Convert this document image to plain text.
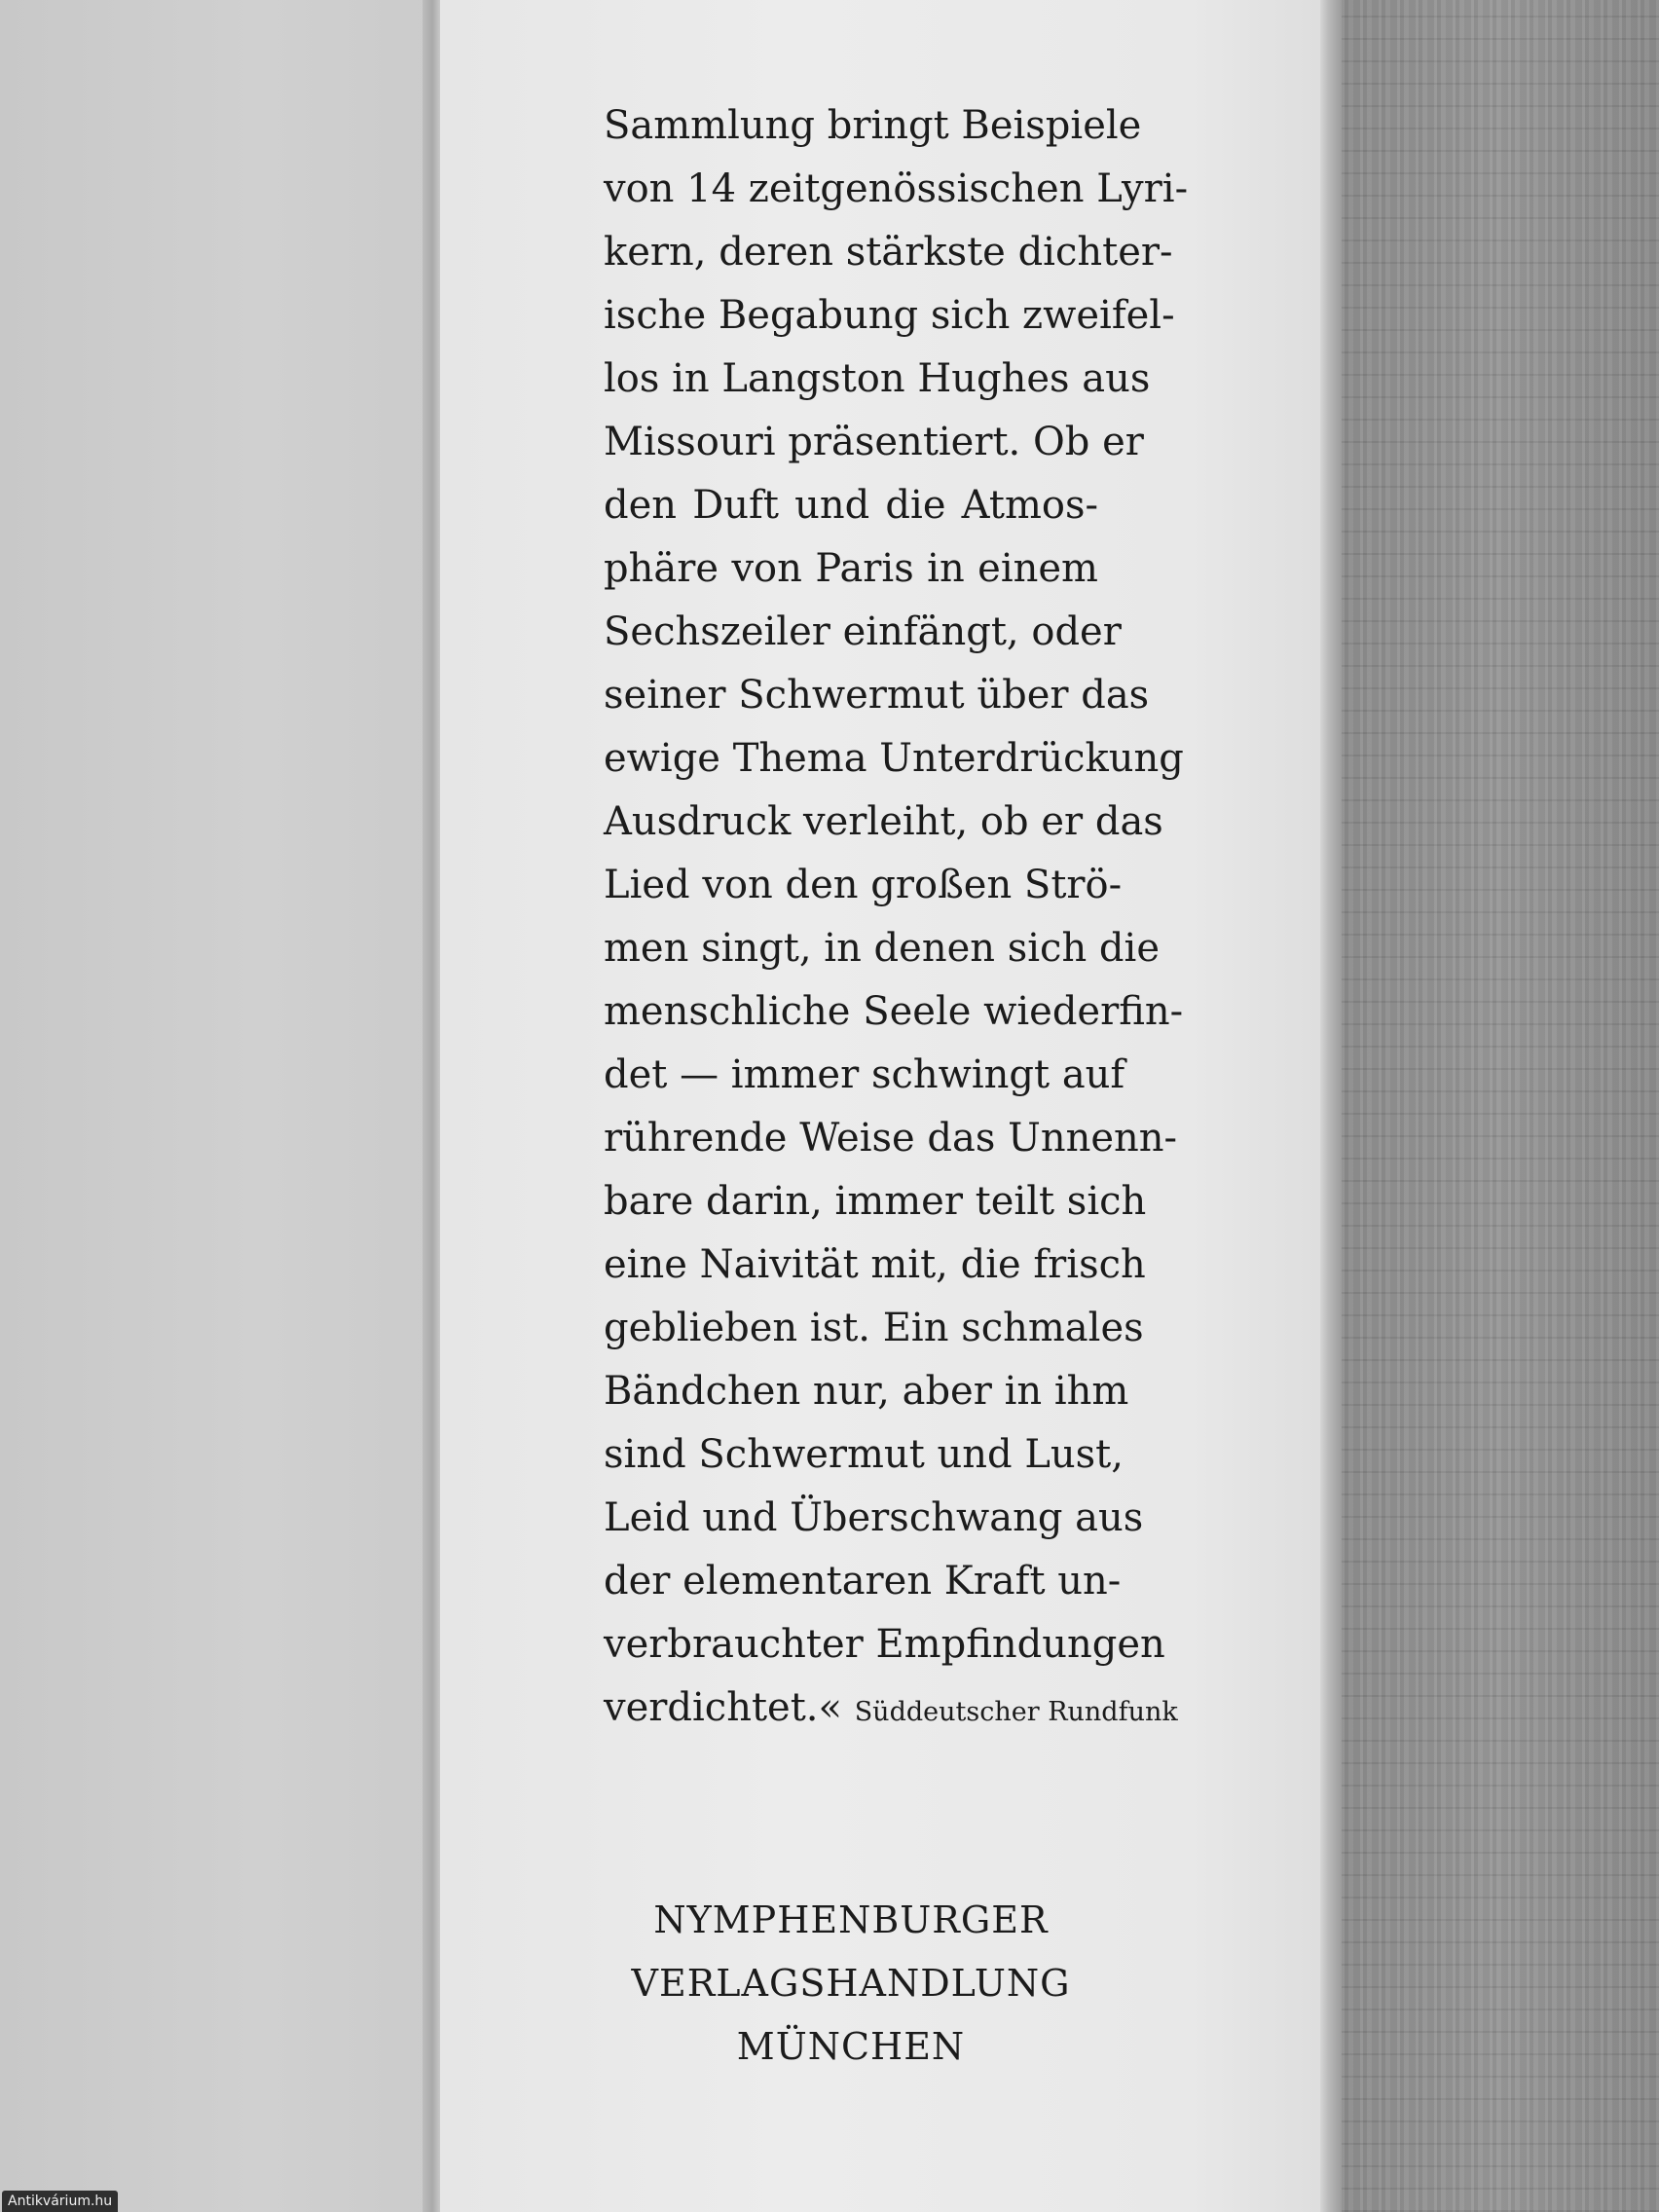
Sammlung bringt Beispiele
von 14 zeitgenössischen Lyri-
kern, deren stärkste dichter-
ische Begabung sich zweifel-
los in Langston Hughes aus
Missouri präsentiert. Ob er
den Duft und die Atmos-
phäre von Paris in einem
Sechszeiler einfängt, oder
seiner Schwermut über das
ewige Thema Unterdrückung
Ausdruck verleiht, ob er das
Lied von den großen Strö-
men singt, in denen sich die
menschliche Seele wiederfin-
det — immer schwingt auf
rührende Weise das Unnenn-
bare darin, immer teilt sich
eine Naivität mit, die frisch
geblieben ist. Ein schmales
Bändchen nur, aber in ihm
sind Schwermut und Lust,
Leid und Überschwang aus
der elementaren Kraft un-
verbrauchter Empfindungen
verdichtet.« Süddeutscher Rundfunk
NYMPHENBURGER
VERLAGSHANDLUNG
MÜNCHEN
Antikvárium.hu
